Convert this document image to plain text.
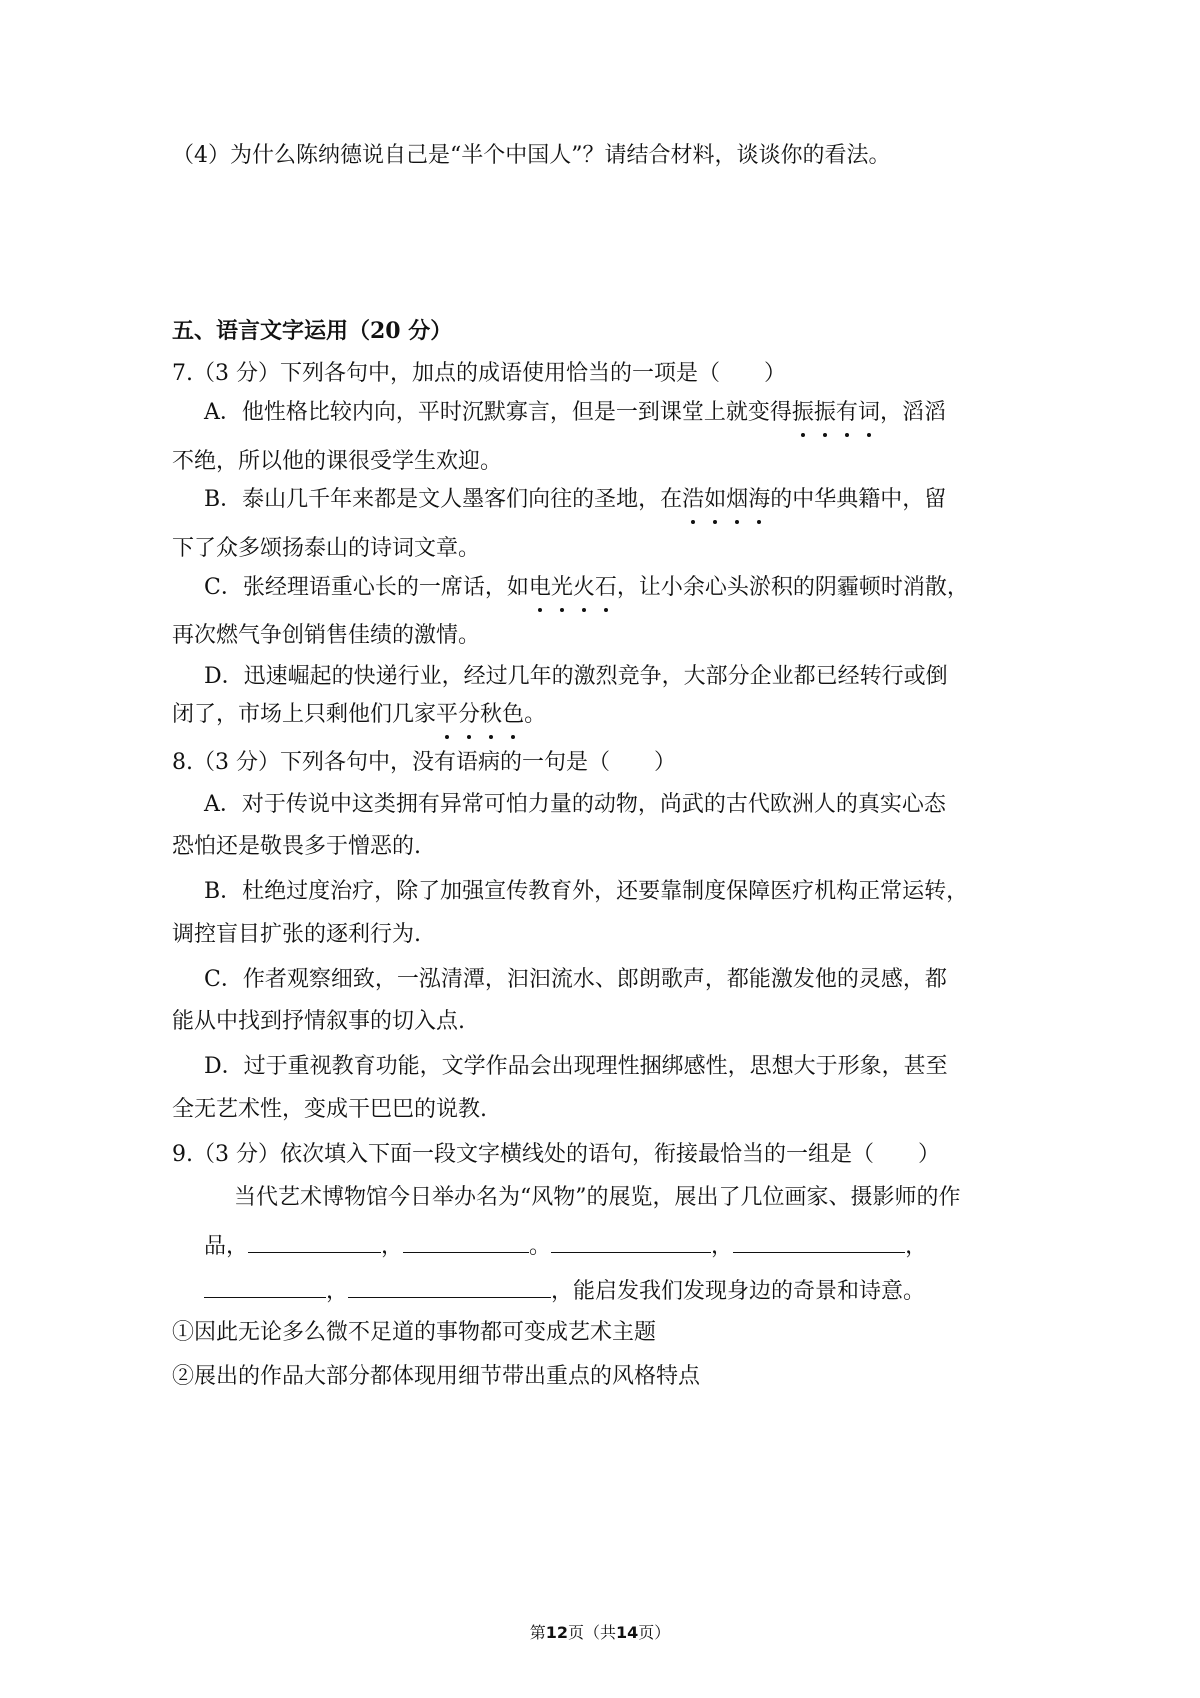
（4）为什么陈纳德说自己是“半个中国人”？请结合材料，谈谈你的看法。
五、语言文字运用（20 分）
7.（3 分）下列各句中，加点的成语使用恰当的一项是（　　）
A．他性格比较内向，平时沉默寡言，但是一到课堂上就变得振振有词，滔滔
不绝，所以他的课很受学生欢迎。
B．泰山几千年来都是文人墨客们向往的圣地，在浩如烟海的中华典籍中，留
下了众多颂扬泰山的诗词文章。
C．张经理语重心长的一席话，如电光火石，让小余心头淤积的阴霾顿时消散，
再次燃气争创销售佳绩的激情。
D．迅速崛起的快递行业，经过几年的激烈竞争，大部分企业都已经转行或倒
闭了，市场上只剩他们几家平分秋色。
8.（3 分）下列各句中，没有语病的一句是（　　）
A．对于传说中这类拥有异常可怕力量的动物，尚武的古代欧洲人的真实心态
恐怕还是敬畏多于憎恶的.
B．杜绝过度治疗，除了加强宣传教育外，还要靠制度保障医疗机构正常运转，
调控盲目扩张的逐利行为.
C．作者观察细致，一泓清潭，汩汩流水、郎朗歌声，都能激发他的灵感，都
能从中找到抒情叙事的切入点.
D．过于重视教育功能，文学作品会出现理性捆绑感性，思想大于形象，甚至
全无艺术性，变成干巴巴的说教.
9.（3 分）依次填入下面一段文字横线处的语句，衔接最恰当的一组是（　　）
当代艺术博物馆今日举办名为“风物”的展览，展出了几位画家、摄影师的作
品，	，	。	，	，
，	，能启发我们发现身边的奇景和诗意。
①因此无论多么微不足道的事物都可变成艺术主题
②展出的作品大部分都体现用细节带出重点的风格特点
第12页（共14页）
